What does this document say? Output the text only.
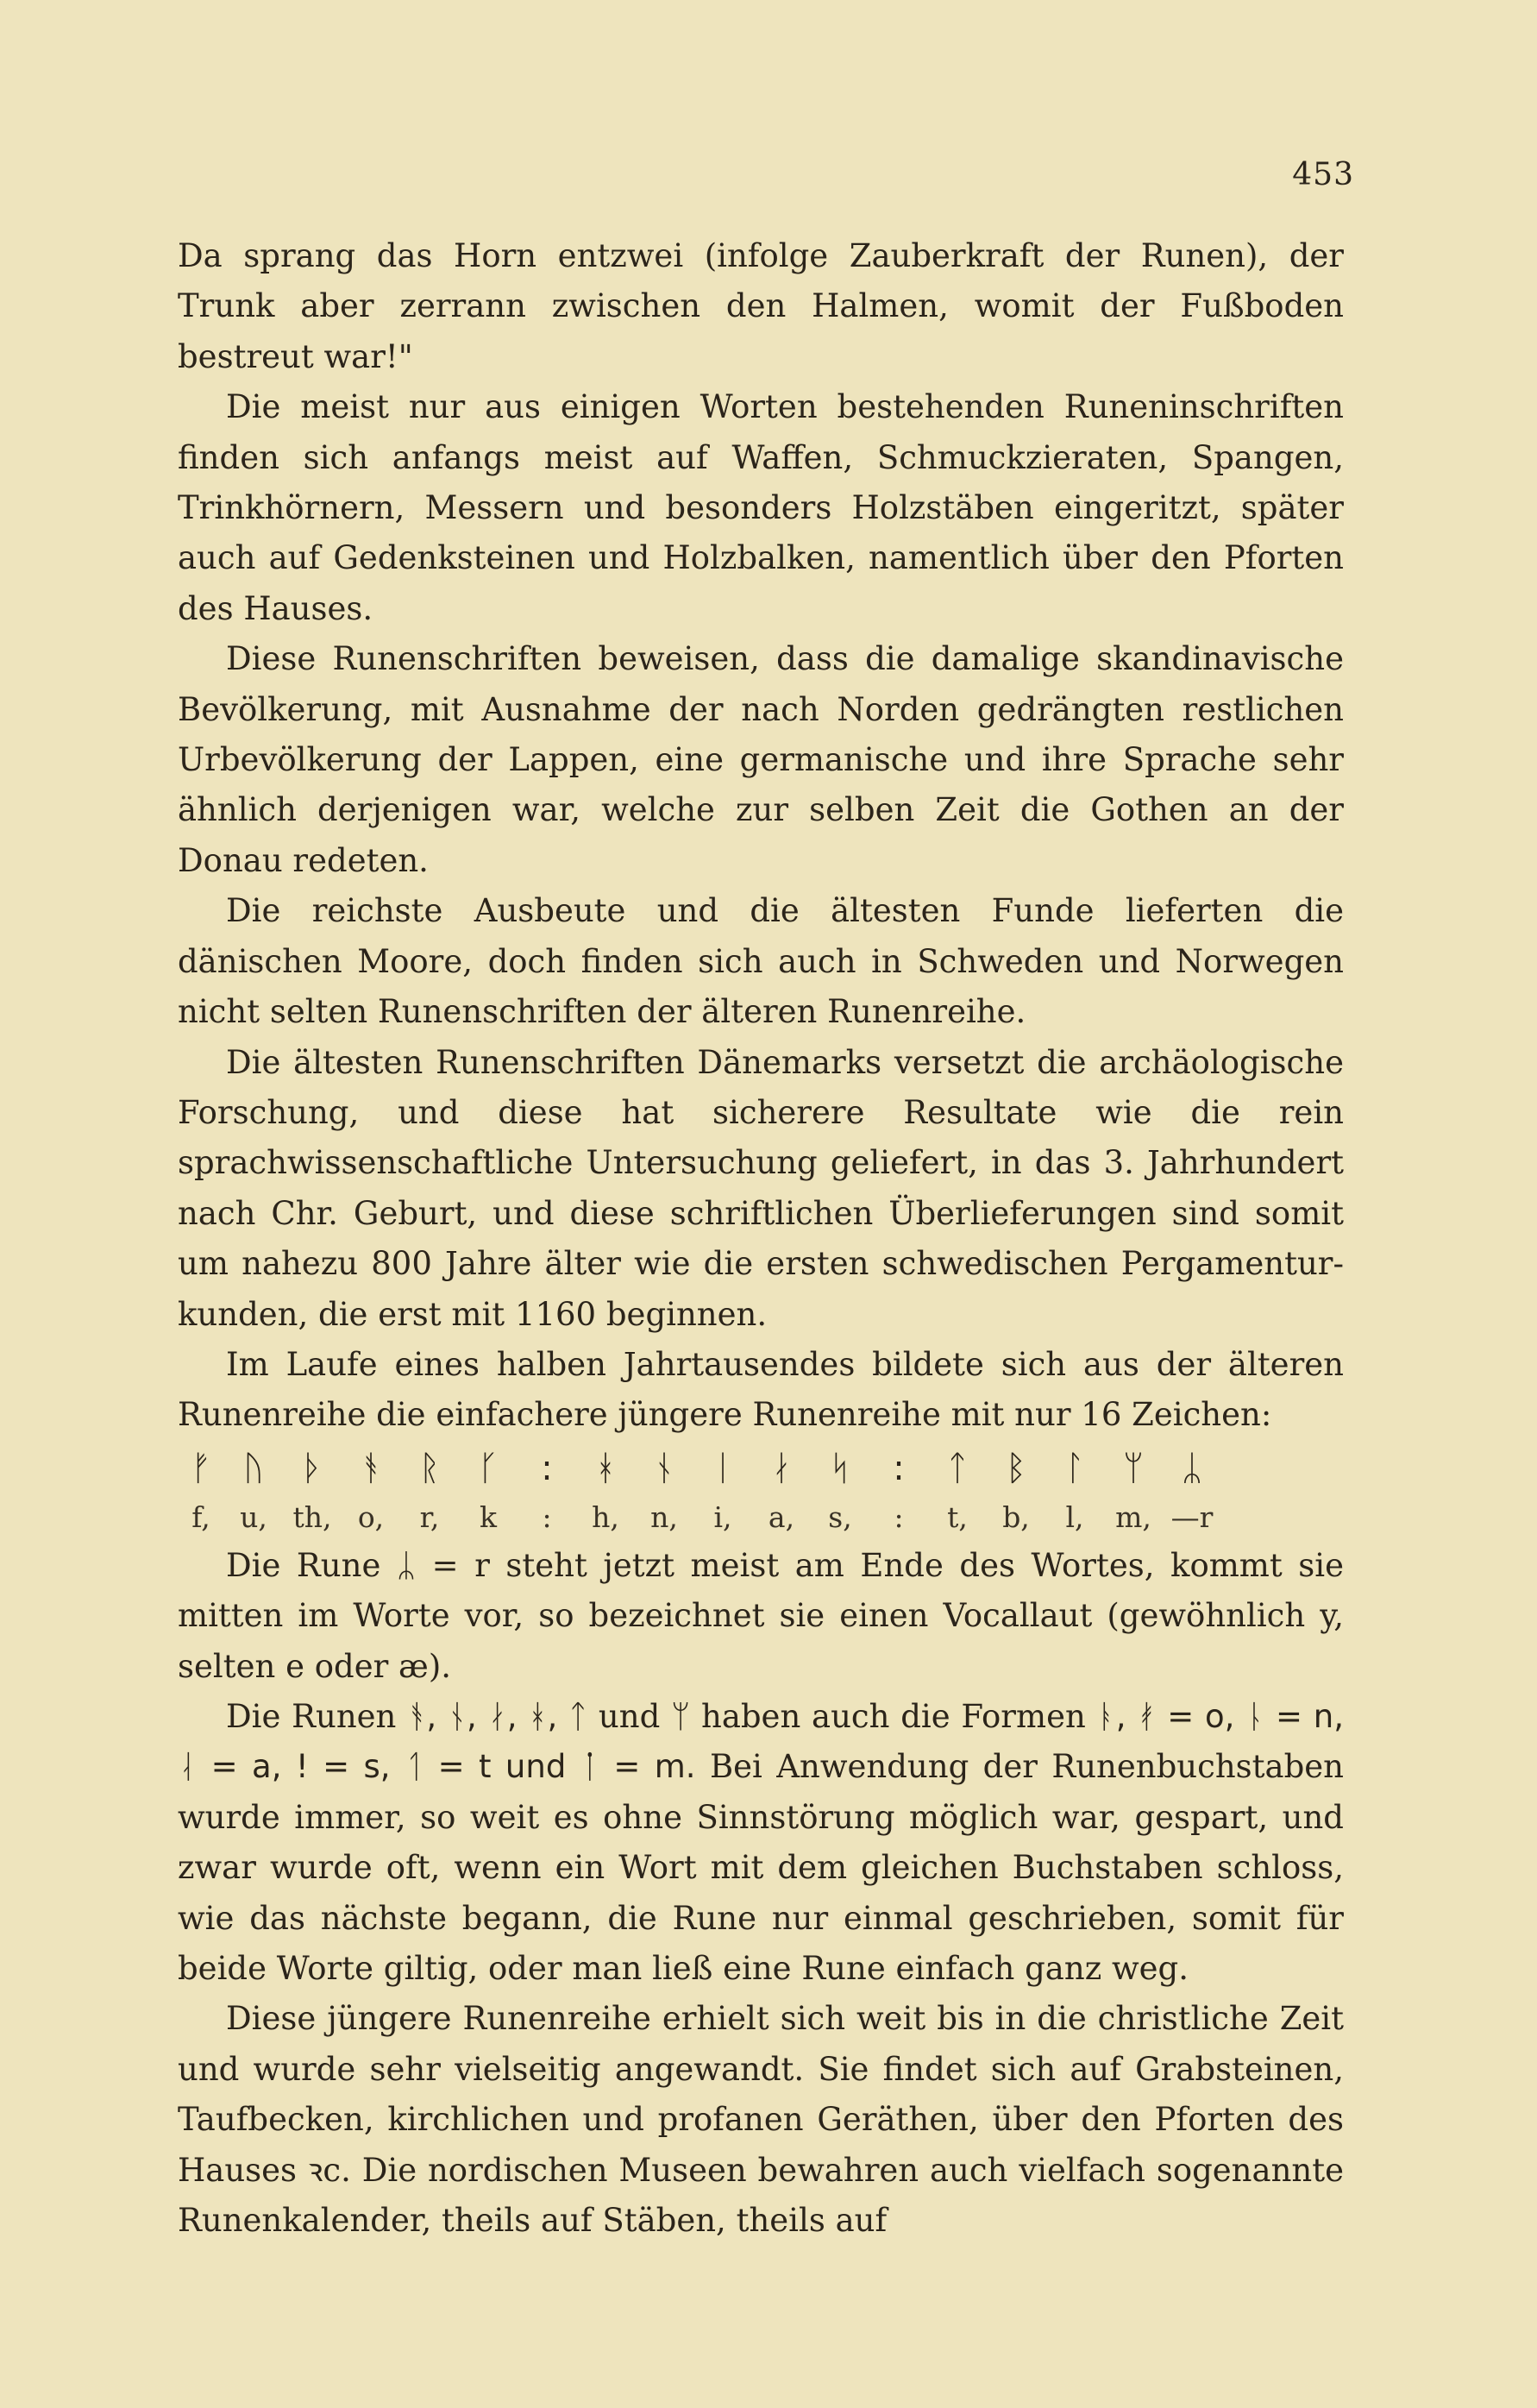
453

Da sprang das Horn entzwei (infolge Zauberkraft der Runen), der Trunk aber zerrann zwischen den Halmen, womit der Fußboden bestreut war!"

Die meist nur aus einigen Worten bestehenden Runeninschriften finden sich anfangs meist auf Waffen, Schmuckzieraten, Spangen, Trinkhörnern, Messern und besonders Holzstäben eingeritzt, später auch auf Gedenksteinen und Holzbalken, namentlich über den Pforten des Hauses.

Diese Runenschriften beweisen, dass die damalige skandinavische Bevölkerung, mit Ausnahme der nach Norden gedrängten restlichen Urbevölkerung der Lappen, eine germanische und ihre Sprache sehr ähnlich derjenigen war, welche zur selben Zeit die Gothen an der Donau redeten.

Die reichste Ausbeute und die ältesten Funde lieferten die dänischen Moore, doch finden sich auch in Schweden und Norwegen nicht selten Runenschriften der älteren Runenreihe.

Die ältesten Runenschriften Dänemarks versetzt die archäologische Forschung, und diese hat sicherere Resultate wie die rein sprachwissenschaftliche Untersuchung geliefert, in das 3. Jahrhundert nach Chr. Geburt, und diese schriftlichen Überlieferungen sind somit um nahezu 800 Jahre älter wie die ersten schwedischen Pergamentur-kunden, die erst mit 1160 beginnen.

Im Laufe eines halben Jahrtausendes bildete sich aus der älteren Runenreihe die einfachere jüngere Runenreihe mit nur 16 Zeichen:

ᚠ ᚢ	ᚦ	ᚬ	ᚱ	ᚴ	:	ᚼ	ᚾ	ᛁ	ᛅ	ᛋ	:	ᛏ	ᛒ	ᛚ	ᛘ	ᛦ
f,	u, th, o,	r,	k	:	h,	n,	i,	a,	s,	:	t,	b,	l,	m, —r

Die Rune ᛦ = r steht jetzt meist am Ende des Wortes, kommt sie mitten im Worte vor, so bezeichnet sie einen Vocallaut (gewöhnlich y, selten e oder æ).

Die Runen ᚬ, ᚾ, ᛅ, ᚼ, ᛏ und ᛘ haben auch die Formen ᚭ, ᚯ = o, ᚿ = n, ᛆ = a, ! = s, ᛐ = t und ᛙ = m. Bei Anwendung der Runenbuchstaben wurde immer, so weit es ohne Sinnstörung möglich war, gespart, und zwar wurde oft, wenn ein Wort mit dem gleichen Buchstaben schloss, wie das nächste begann, die Rune nur einmal geschrieben, somit für beide Worte giltig, oder man ließ eine Rune einfach ganz weg.

Diese jüngere Runenreihe erhielt sich weit bis in die christliche Zeit und wurde sehr vielseitig angewandt. Sie findet sich auf Grabsteinen, Taufbecken, kirchlichen und profanen Geräthen, über den Pforten des Hauses ꝛc. Die nordischen Museen bewahren auch vielfach sogenannte Runenkalender, theils auf Stäben, theils auf
